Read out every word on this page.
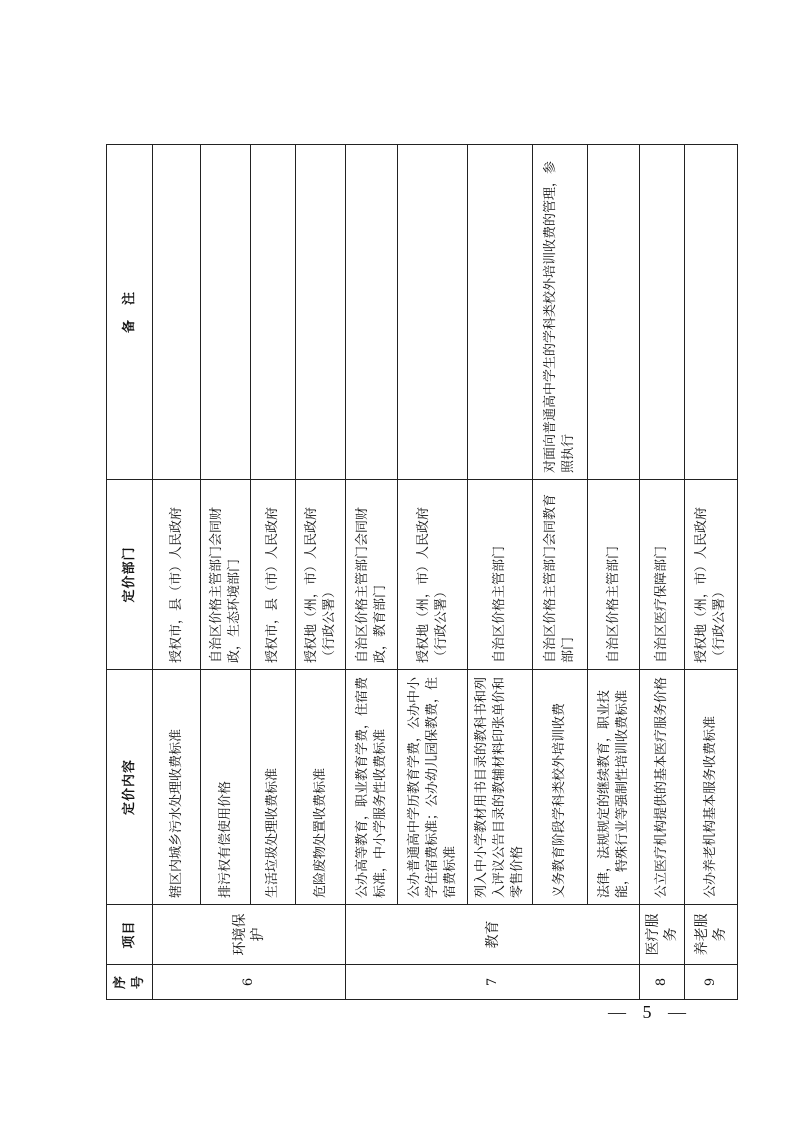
序号	项目	定价内容	定价部门	备　注
6	环境保护	辖区内城乡污水处理收费标准	授权市，县（市）人民政府	
		排污权有偿使用价格	自治区价格主管部门会同财政，生态环境部门	
		生活垃圾处理收费标准	授权市，县（市）人民政府	
		危险废物处置收费标准	授权地（州，市）人民政府（行政公署）	
7	教育	公办高等教育，职业教育学费，住宿费标准，中小学服务性收费标准	自治区价格主管部门会同财政，教育部门	
		公办普通高中学历教育学费，公办中小学住宿费标准；公办幼儿园保教费，住宿费标准	授权地（州，市）人民政府（行政公署）	
		列入中小学教材用书目录的教科书和列入评议公告目录的教辅材料印张单价和零售价格	自治区价格主管部门	
		义务教育阶段学科类校外培训收费	自治区价格主管部门会同教育部门	对面向普通高中学生的学科类校外培训收费的管理，参照执行
		法律，法规规定的继续教育，职业技能，特殊行业等强制性培训收费标准	自治区价格主管部门	
8	医疗服务	公立医疗机构提供的基本医疗服务价格	自治区医疗保障部门	
9	养老服务	公办养老机构基本服务收费标准	授权地（州，市）人民政府（行政公署）	
— 5 —
